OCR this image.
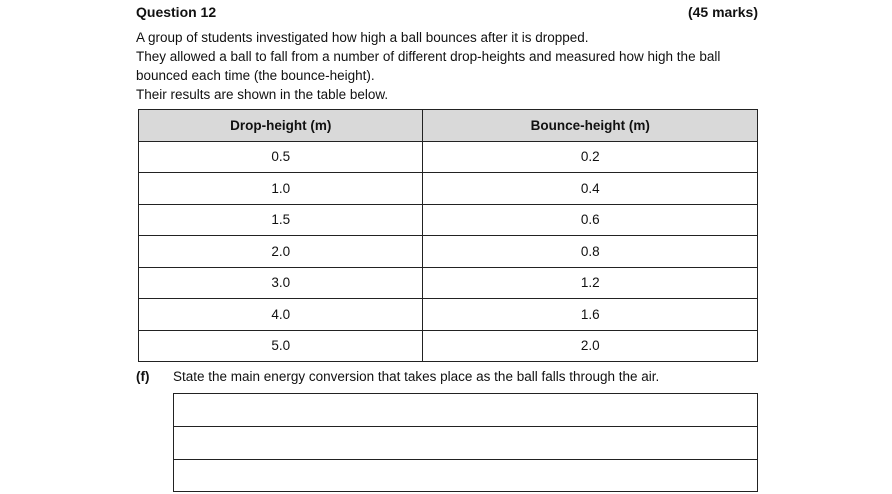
Question 12	(45 marks)

A group of students investigated how high a ball bounces after it is dropped.

They allowed a ball to fall from a number of different drop-heights and measured how high the ball bounced each time (the bounce-height).

Their results are shown in the table below.

Drop-height (m)	Bounce-height (m)
0.5	0.2
1.0	0.4
1.5	0.6
2.0	0.8
3.0	1.2
4.0	1.6
5.0	2.0
(f) State the main energy conversion that takes place as the ball falls through the air.
